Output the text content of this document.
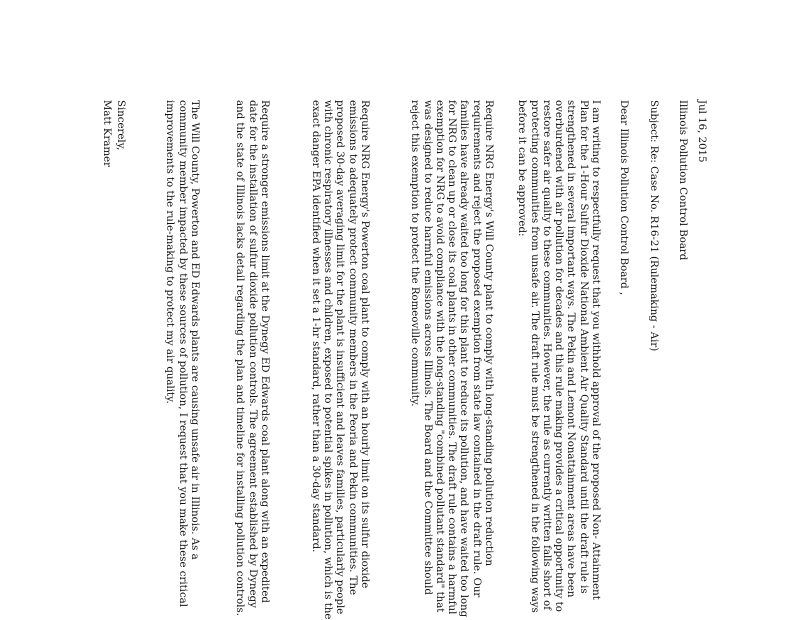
Jul 16, 2015
Illinois Pollution Control Board
Subject: Re: Case No. R16-21 (Rulemaking - Air)
Dear Illinois Pollution Control Board ,
I am writing to respectfully request that you withhold approval of the proposed Non- Attainment Plan for the 1-Hour Sulfur Dioxide National Ambient Air Quality Standard until the draft rule is strengthened in several important ways. The Pekin and Lemont Nonattainment areas have been overburdened with air pollution for decades and this rule making provides a critical opportunity to restore safer air quality to these communities. However, the rule as currently written falls short of protecting communities from unsafe air. The draft rule must be strengthened in the following ways before it can be approved:
Require NRG Energy's Will County plant to comply with long-standing pollution reduction requirements and reject the proposed exemption from state law contained in the draft rule. Our families have already waited too long for this plant to reduce its pollution, and have waited too long for NRG to clean up or close its coal plants in other communities. The draft rule contains a harmful exemption for NRG to avoid compliance with the long-standing "combined pollutant standard" that was designed to reduce harmful emissions across Illinois. The Board and the Committee should reject this exemption to protect the Romeoville community.
Require NRG Energy's Powerton coal plant to comply with an hourly limit on its sulfur dioxide emissions to adequately protect community members in the Peoria and Pekin communities. The proposed 30-day averaging limit for the plant is insufficient and leaves families, particularly people with chronic respiratory illnesses and children, exposed to potential spikes in pollution, which is the exact danger EPA identified when it set a 1-hr standard, rather than a 30-day standard.
Require a stronger emissions limit at the Dynegy ED Edwards coal plant along with an expedited date for the installation of sulfur dioxide pollution controls. The agreement established by Dynegy and the state of Illinois lacks detail regarding the plan and timeline for installing pollution controls.
The Will County, Powerton and ED Edwards plants are causing unsafe air in Illinois. As a community member impacted by these sources of pollution, I request that you make these critical improvements to the rule-making to protect my air quality.
Sincerely,
Matt Kramer
